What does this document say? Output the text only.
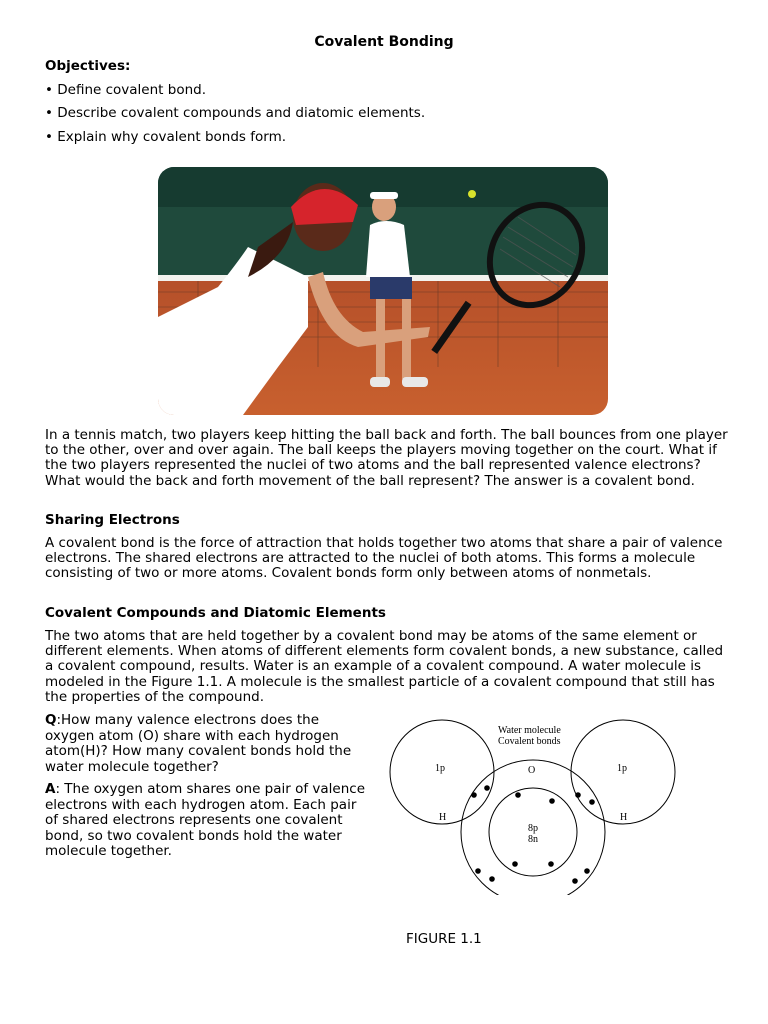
Covalent Bonding
Objectives:
• Define covalent bond.
• Describe covalent compounds and diatomic elements.
• Explain why covalent bonds form.

In a tennis match, two players keep hitting the ball back and forth. The ball bounces from one player to the other, over and over again. The ball keeps the players moving together on the court. What if the two players represented the nuclei of two atoms and the ball represented valence electrons? What would the back and forth movement of the ball represent? The answer is a covalent bond.

Sharing Electrons

A covalent bond is the force of attraction that holds together two atoms that share a pair of valence electrons. The shared electrons are attracted to the nuclei of both atoms. This forms a molecule consisting of two or more atoms. Covalent bonds form only between atoms of nonmetals.

Covalent Compounds and Diatomic Elements

The two atoms that are held together by a covalent bond may be atoms of the same element or different elements. When atoms of different elements form covalent bonds, a new substance, called a covalent compound, results. Water is an example of a covalent compound. A water molecule is modeled in the Figure 1.1. A molecule is the smallest particle of a covalent compound that still has the properties of the compound.

Q:How many valence electrons does the oxygen atom (O) share with each hydrogen atom(H)? How many covalent bonds hold the water molecule together?
A: The oxygen atom shares one pair of valence electrons with each hydrogen atom. Each pair of shared electrons represents one covalent bond, so two covalent bonds hold the water molecule together.
Water molecule
Covalent bonds
O
1p	1p
H	H
8p
8n
FIGURE 1.1
